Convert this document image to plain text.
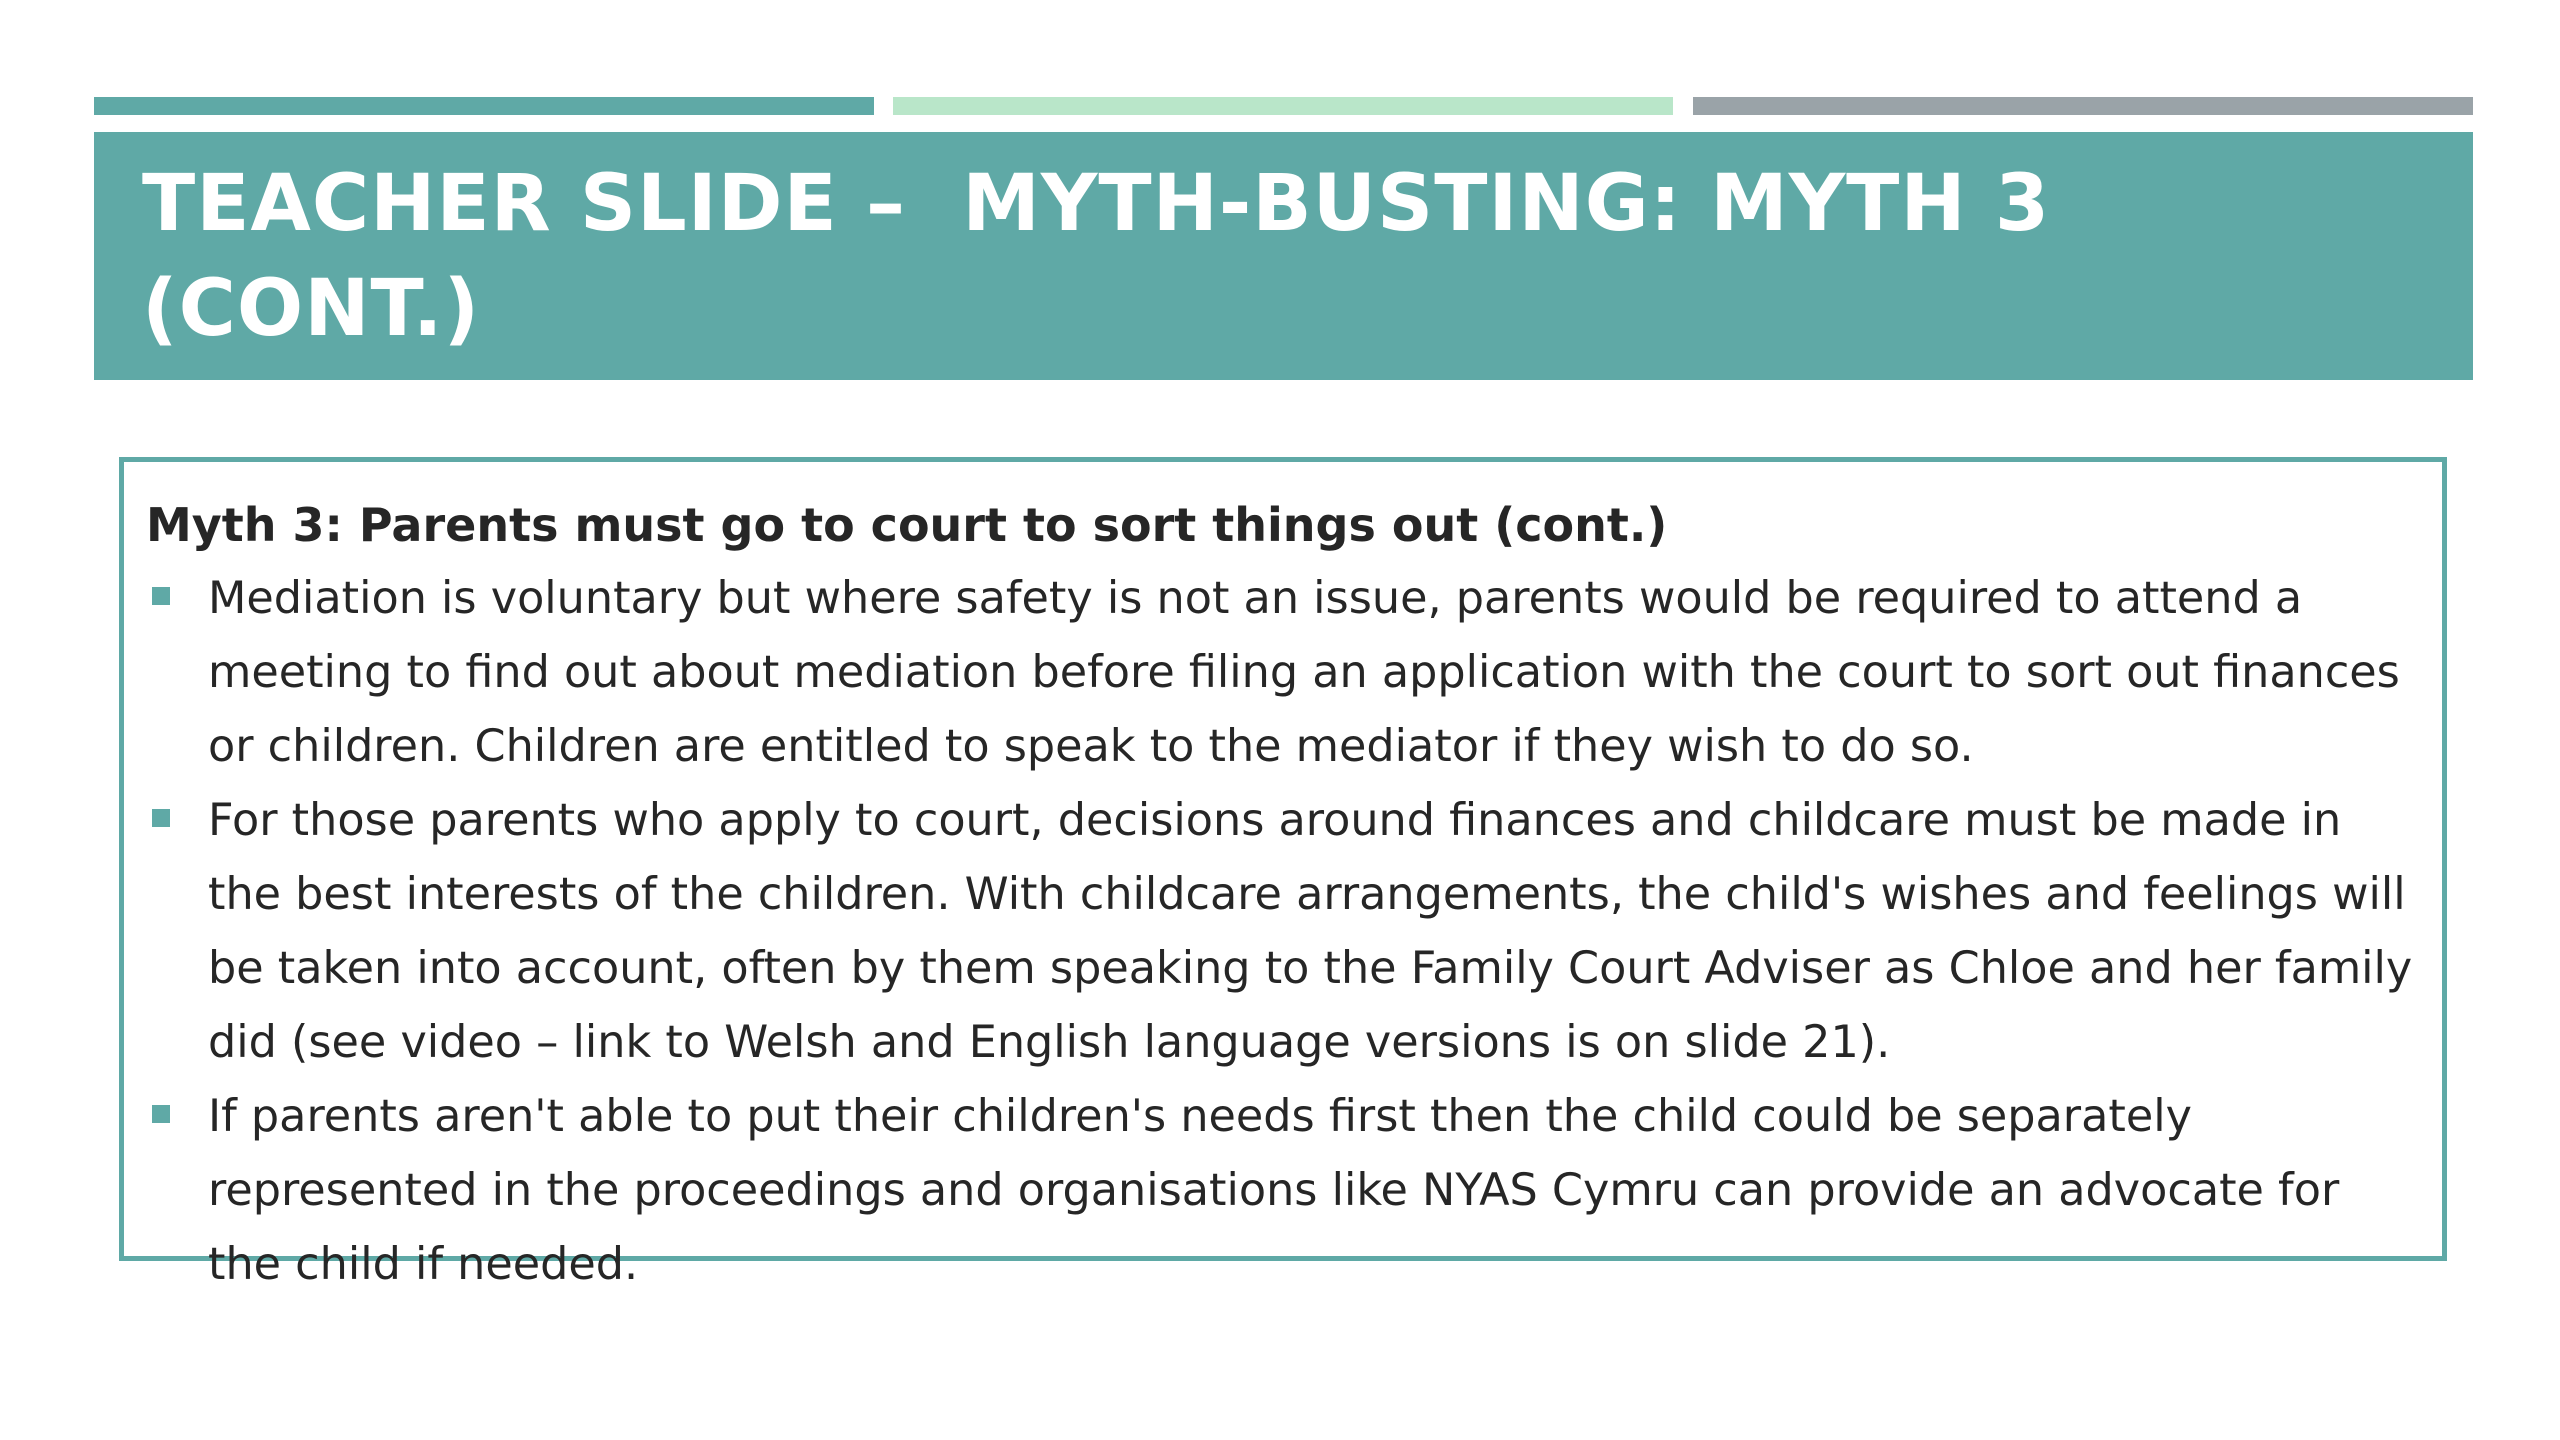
TEACHER SLIDE –  MYTH-BUSTING: MYTH 3
(CONT.)

Myth 3: Parents must go to court to sort things out (cont.)

Mediation is voluntary but where safety is not an issue, parents would be required to attend a meeting to find out about mediation before filing an application with the court to sort out finances or children. Children are entitled to speak to the mediator if they wish to do so.
For those parents who apply to court, decisions around finances and childcare must be made in the best interests of the children. With childcare arrangements, the child's wishes and feelings will be taken into account, often by them speaking to the Family Court Adviser as Chloe and her family did (see video – link to Welsh and English language versions is on slide 21).
If parents aren't able to put their children's needs first then the child could be separately represented in the proceedings and organisations like NYAS Cymru can provide an advocate for the child if needed.
